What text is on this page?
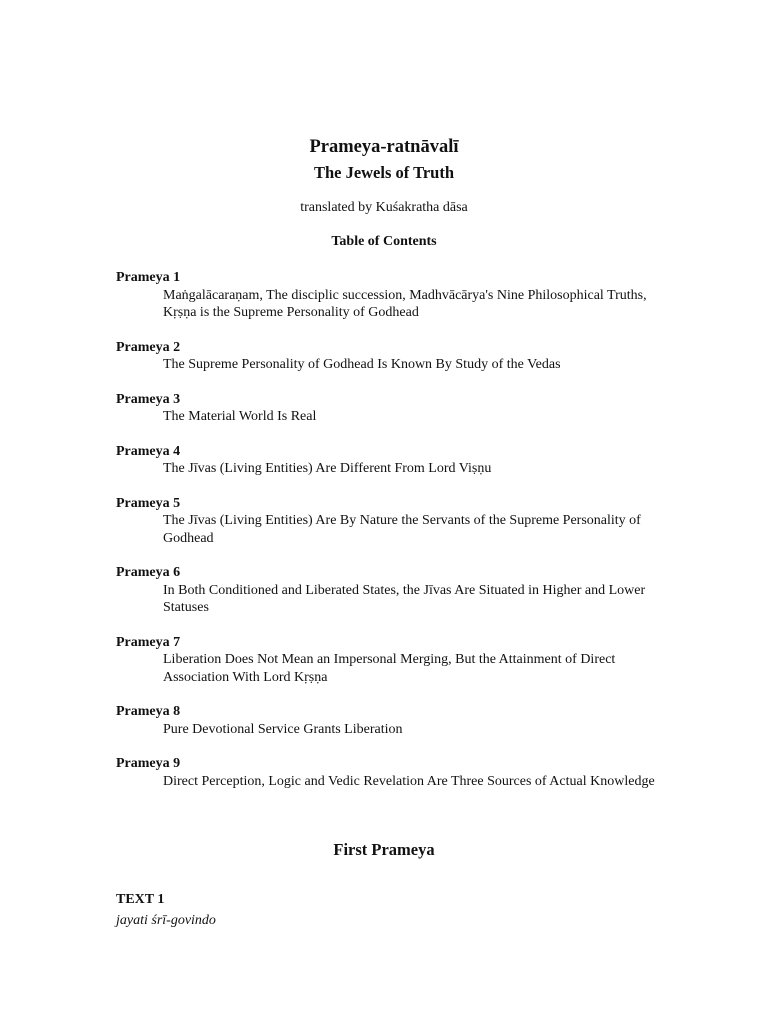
Prameya-ratnāvalī
The Jewels of Truth
translated by Kuśakratha dāsa
Table of Contents
Prameya 1
Maṅgalācaraṇam, The disciplic succession, Madhvācārya's Nine Philosophical Truths, Kṛṣṇa is the Supreme Personality of Godhead
Prameya 2
The Supreme Personality of Godhead Is Known By Study of the Vedas
Prameya 3
The Material World Is Real
Prameya 4
The Jīvas (Living Entities) Are Different From Lord Viṣṇu
Prameya 5
The Jīvas (Living Entities) Are By Nature the Servants of the Supreme Personality of Godhead
Prameya 6
In Both Conditioned and Liberated States, the Jīvas Are Situated in Higher and Lower Statuses
Prameya 7
Liberation Does Not Mean an Impersonal Merging, But the Attainment of Direct Association With Lord Kṛṣṇa
Prameya 8
Pure Devotional Service Grants Liberation
Prameya 9
Direct Perception, Logic and Vedic Revelation Are Three Sources of Actual Knowledge
First Prameya
TEXT 1
jayati śrī-govindo
